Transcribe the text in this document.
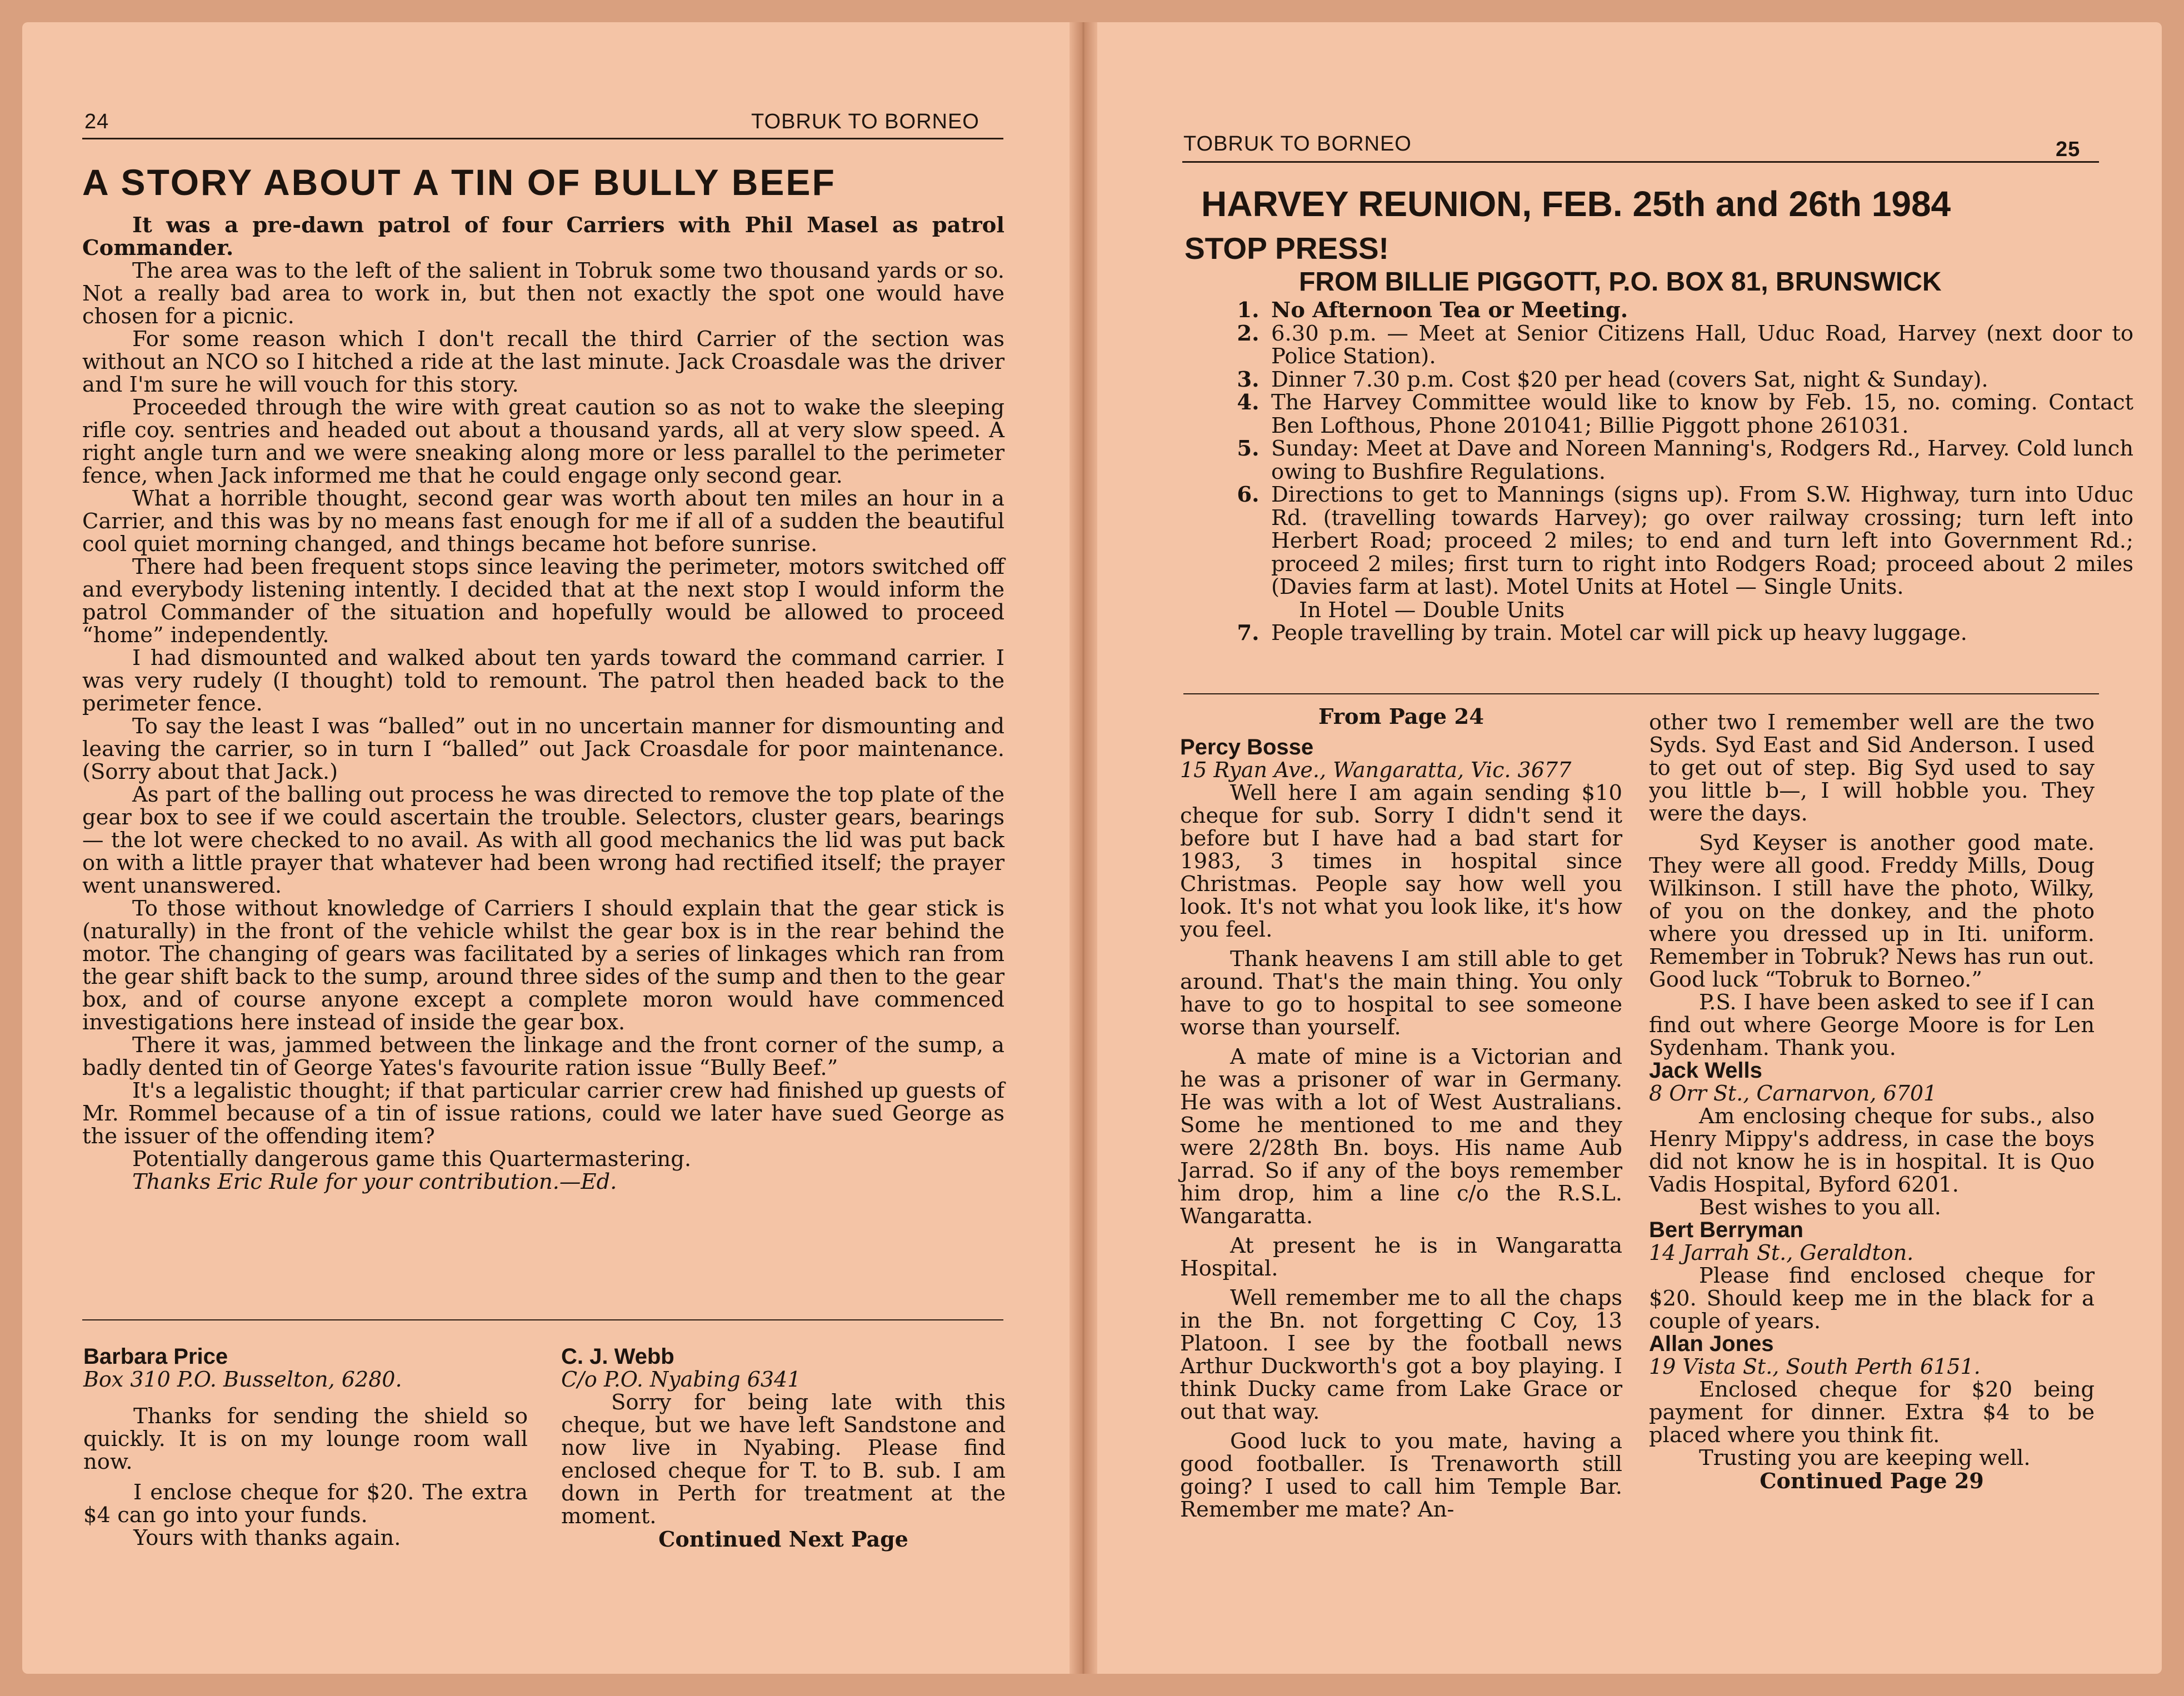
24	TOBRUK TO BORNEO
A STORY ABOUT A TIN OF BULLY BEEF

It was a pre-dawn patrol of four Carriers with Phil Masel as patrol Commander.

The area was to the left of the salient in Tobruk some two thousand yards or so. Not a really bad area to work in, but then not exactly the spot one would have chosen for a picnic.

For some reason which I don't recall the third Carrier of the section was without an NCO so I hitched a ride at the last minute. Jack Croasdale was the driver and I'm sure he will vouch for this story.

Proceeded through the wire with great caution so as not to wake the sleeping rifle coy. sentries and headed out about a thousand yards, all at very slow speed. A right angle turn and we were sneaking along more or less parallel to the perimeter fence, when Jack informed me that he could engage only second gear.

What a horrible thought, second gear was worth about ten miles an hour in a Carrier, and this was by no means fast enough for me if all of a sudden the beautiful cool quiet morning changed, and things became hot before sunrise.

There had been frequent stops since leaving the perimeter, motors switched off and everybody listening intently. I decided that at the next stop I would inform the patrol Commander of the situation and hopefully would be allowed to proceed “home” independently.

I had dismounted and walked about ten yards toward the command carrier. I was very rudely (I thought) told to remount. The patrol then headed back to the perimeter fence.

To say the least I was “balled” out in no uncertain manner for dismounting and leaving the carrier, so in turn I “balled” out Jack Croasdale for poor maintenance. (Sorry about that Jack.)

As part of the balling out process he was directed to remove the top plate of the gear box to see if we could ascertain the trouble. Selectors, cluster gears, bearings — the lot were checked to no avail. As with all good mechanics the lid was put back on with a little prayer that whatever had been wrong had rectified itself; the prayer went unanswered.

To those without knowledge of Carriers I should explain that the gear stick is (naturally) in the front of the vehicle whilst the gear box is in the rear behind the motor. The changing of gears was facilitated by a series of linkages which ran from the gear shift back to the sump, around three sides of the sump and then to the gear box, and of course anyone except a complete moron would have commenced investigations here instead of inside the gear box.

There it was, jammed between the linkage and the front corner of the sump, a badly dented tin of George Yates's favourite ration issue “Bully Beef.”

It's a legalistic thought; if that particular carrier crew had finished up guests of Mr. Rommel because of a tin of issue rations, could we later have sued George as the issuer of the offending item?

Potentially dangerous game this Quartermastering.

Thanks Eric Rule for your contribution.—Ed.

Barbara Price

Box 310 P.O. Busselton, 6280.

Thanks for sending the shield so quickly. It is on my lounge room wall now.

I enclose cheque for $20. The extra $4 can go into your funds.

Yours with thanks again.

C. J. Webb

C/o P.O. Nyabing 6341

Sorry for being late with this cheque, but we have left Sandstone and now live in Nyabing. Please find enclosed cheque for T. to B. sub. I am down in Perth for treatment at the moment.

Continued Next Page

TOBRUK TO BORNEO	25
HARVEY REUNION, FEB. 25th and 26th 1984
STOP PRESS!
FROM BILLIE PIGGOTT, P.O. BOX 81, BRUNSWICK
1. No Afternoon Tea or Meeting.
2. 6.30 p.m. — Meet at Senior Citizens Hall, Uduc Road, Harvey (next door to Police Station).
3. Dinner 7.30 p.m. Cost $20 per head (covers Sat, night & Sunday).
4. The Harvey Committee would like to know by Feb. 15, no. coming. Contact Ben Lofthous, Phone 201041; Billie Piggott phone 261031.
5. Sunday: Meet at Dave and Noreen Manning's, Rodgers Rd., Harvey. Cold lunch owing to Bushfire Regulations.
6. Directions to get to Mannings (signs up). From S.W. Highway, turn into Uduc Rd. (travelling towards Harvey); go over railway crossing; turn left into Herbert Road; proceed 2 miles; to end and turn left into Government Rd.; proceed 2 miles; first turn to right into Rodgers Road; proceed about 2 miles (Davies farm at last). Motel Units at Hotel — Single Units.
In Hotel — Double Units
7. People travelling by train. Motel car will pick up heavy luggage.

From Page 24

Percy Bosse

15 Ryan Ave., Wangaratta, Vic. 3677

Well here I am again sending $10 cheque for sub. Sorry I didn't send it before but I have had a bad start for 1983, 3 times in hospital since Christmas. People say how well you look. It's not what you look like, it's how you feel.

Thank heavens I am still able to get around. That's the main thing. You only have to go to hospital to see someone worse than yourself.

A mate of mine is a Victorian and he was a prisoner of war in Germany. He was with a lot of West Australians. Some he mentioned to me and they were 2/28th Bn. boys. His name Aub Jarrad. So if any of the boys remember him drop, him a line c/o the R.S.L. Wangaratta.

At present he is in Wangaratta Hospital.

Well remember me to all the chaps in the Bn. not forgetting C Coy, 13 Platoon. I see by the football news Arthur Duckworth's got a boy playing. I think Ducky came from Lake Grace or out that way.

Good luck to you mate, having a good footballer. Is Trenaworth still going? I used to call him Temple Bar. Remember me mate? An-

other two I remember well are the two Syds. Syd East and Sid Anderson. I used to get out of step. Big Syd used to say you little b—, I will hobble you. They were the days.

Syd Keyser is another good mate. They were all good. Freddy Mills, Doug Wilkinson. I still have the photo, Wilky, of you on the donkey, and the photo where you dressed up in Iti. uniform. Remember in Tobruk? News has run out. Good luck “Tobruk to Borneo.”

P.S. I have been asked to see if I can find out where George Moore is for Len Sydenham. Thank you.

Jack Wells

8 Orr St., Carnarvon, 6701

Am enclosing cheque for subs., also Henry Mippy's address, in case the boys did not know he is in hospital. It is Quo Vadis Hospital, Byford 6201.

Best wishes to you all.

Bert Berryman

14 Jarrah St., Geraldton.

Please find enclosed cheque for $20. Should keep me in the black for a couple of years.

Allan Jones

19 Vista St., South Perth 6151.

Enclosed cheque for $20 being payment for dinner. Extra $4 to be placed where you think fit.

Trusting you are keeping well.

Continued Page 29
